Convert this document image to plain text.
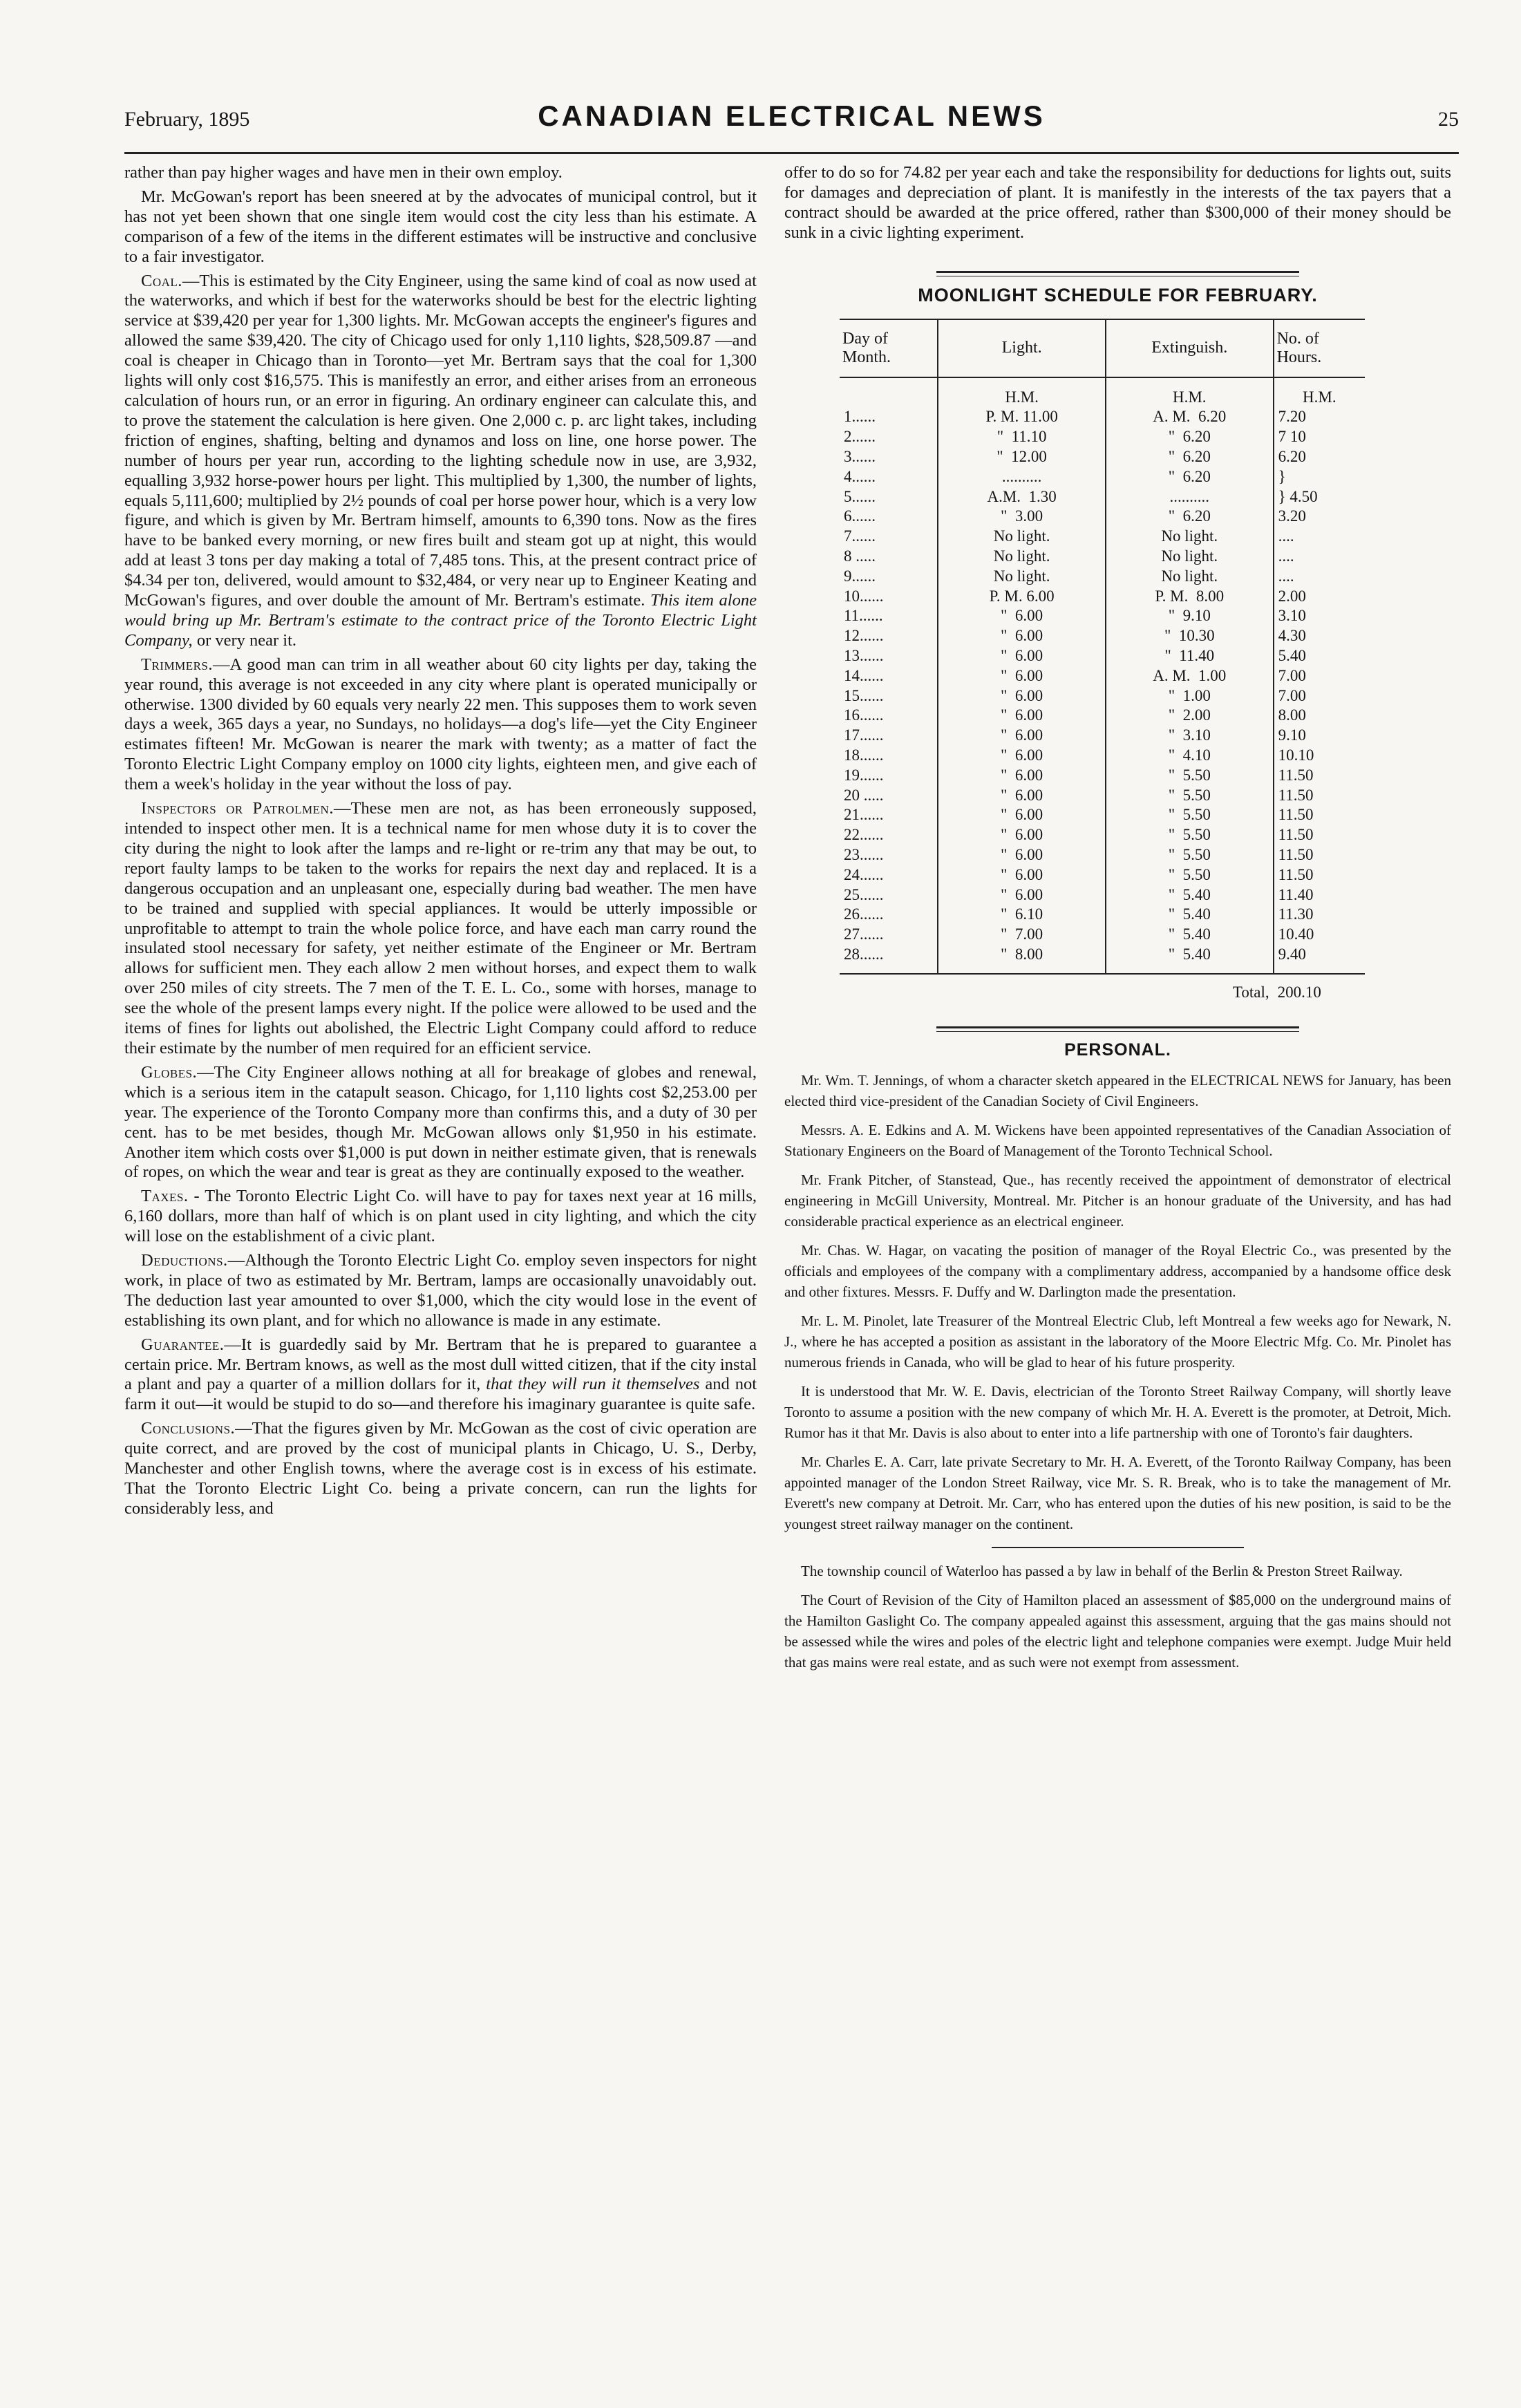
February, 1895	CANADIAN ELECTRICAL NEWS	25

rather than pay higher wages and have men in their own employ.

Mr. McGowan's report has been sneered at by the advocates of municipal control, but it has not yet been shown that one single item would cost the city less than his estimate. A comparison of a few of the items in the different estimates will be instructive and conclusive to a fair investigator.

Coal.—This is estimated by the City Engineer, using the same kind of coal as now used at the waterworks, and which if best for the waterworks should be best for the electric lighting service at $39,420 per year for 1,300 lights. Mr. McGowan accepts the engineer's figures and allowed the same $39,420. The city of Chicago used for only 1,110 lights, $28,509.87 —and coal is cheaper in Chicago than in Toronto—yet Mr. Bertram says that the coal for 1,300 lights will only cost $16,575. This is manifestly an error, and either arises from an erroneous calculation of hours run, or an error in figuring. An ordinary engineer can calculate this, and to prove the statement the calculation is here given. One 2,000 c. p. arc light takes, including friction of engines, shafting, belting and dynamos and loss on line, one horse power. The number of hours per year run, according to the lighting schedule now in use, are 3,932, equalling 3,932 horse-power hours per light. This multiplied by 1,300, the number of lights, equals 5,111,600; multiplied by 2½ pounds of coal per horse power hour, which is a very low figure, and which is given by Mr. Bertram himself, amounts to 6,390 tons. Now as the fires have to be banked every morning, or new fires built and steam got up at night, this would add at least 3 tons per day making a total of 7,485 tons. This, at the present contract price of $4.34 per ton, delivered, would amount to $32,484, or very near up to Engineer Keating and McGowan's figures, and over double the amount of Mr. Bertram's estimate. This item alone would bring up Mr. Bertram's estimate to the contract price of the Toronto Electric Light Company, or very near it.

Trimmers.—A good man can trim in all weather about 60 city lights per day, taking the year round, this average is not exceeded in any city where plant is operated municipally or otherwise. 1300 divided by 60 equals very nearly 22 men. This supposes them to work seven days a week, 365 days a year, no Sundays, no holidays—a dog's life—yet the City Engineer estimates fifteen! Mr. McGowan is nearer the mark with twenty; as a matter of fact the Toronto Electric Light Company employ on 1000 city lights, eighteen men, and give each of them a week's holiday in the year without the loss of pay.

Inspectors or Patrolmen.—These men are not, as has been erroneously supposed, intended to inspect other men. It is a technical name for men whose duty it is to cover the city during the night to look after the lamps and re-light or re-trim any that may be out, to report faulty lamps to be taken to the works for repairs the next day and replaced. It is a dangerous occupation and an unpleasant one, especially during bad weather. The men have to be trained and supplied with special appliances. It would be utterly impossible or unprofitable to attempt to train the whole police force, and have each man carry round the insulated stool necessary for safety, yet neither estimate of the Engineer or Mr. Bertram allows for sufficient men. They each allow 2 men without horses, and expect them to walk over 250 miles of city streets. The 7 men of the T. E. L. Co., some with horses, manage to see the whole of the present lamps every night. If the police were allowed to be used and the items of fines for lights out abolished, the Electric Light Company could afford to reduce their estimate by the number of men required for an efficient service.

Globes.—The City Engineer allows nothing at all for breakage of globes and renewal, which is a serious item in the catapult season. Chicago, for 1,110 lights cost $2,253.00 per year. The experience of the Toronto Company more than confirms this, and a duty of 30 per cent. has to be met besides, though Mr. McGowan allows only $1,950 in his estimate. Another item which costs over $1,000 is put down in neither estimate given, that is renewals of ropes, on which the wear and tear is great as they are continually exposed to the weather.

Taxes. - The Toronto Electric Light Co. will have to pay for taxes next year at 16 mills, 6,160 dollars, more than half of which is on plant used in city lighting, and which the city will lose on the establishment of a civic plant.

Deductions.—Although the Toronto Electric Light Co. employ seven inspectors for night work, in place of two as estimated by Mr. Bertram, lamps are occasionally unavoidably out. The deduction last year amounted to over $1,000, which the city would lose in the event of establishing its own plant, and for which no allowance is made in any estimate.

Guarantee.—It is guardedly said by Mr. Bertram that he is prepared to guarantee a certain price. Mr. Bertram knows, as well as the most dull witted citizen, that if the city instal a plant and pay a quarter of a million dollars for it, that they will run it themselves and not farm it out—it would be stupid to do so—and therefore his imaginary guarantee is quite safe.

Conclusions.—That the figures given by Mr. McGowan as the cost of civic operation are quite correct, and are proved by the cost of municipal plants in Chicago, U. S., Derby, Manchester and other English towns, where the average cost is in excess of his estimate. That the Toronto Electric Light Co. being a private concern, can run the lights for considerably less, and

offer to do so for 74.82 per year each and take the responsibility for deductions for lights out, suits for damages and depreciation of plant. It is manifestly in the interests of the tax payers that a contract should be awarded at the price offered, rather than $300,000 of their money should be sunk in a civic lighting experiment.

MOONLIGHT SCHEDULE FOR FEBRUARY.
Day of Month.	Light.	Extinguish.	No. of Hours.
	H.M.	H.M.	H.M.
1......	P. M. 11.00	A. M.  6.20	7.20
2......	"  11.10	"  6.20	7 10
3......	"  12.00	"  6.20	6.20
4......	..........	"  6.20	}
5......	A.M.  1.30	..........	} 4.50
6......	"  3.00	"  6.20	3.20
7......	No light.	No light.	....
8 .....	No light.	No light.	....
9......	No light.	No light.	....
10......	P. M. 6.00	P. M.  8.00	2.00
11......	"  6.00	"  9.10	3.10
12......	"  6.00	"  10.30	4.30
13......	"  6.00	"  11.40	5.40
14......	"  6.00	A. M.  1.00	7.00
15......	"  6.00	"  1.00	7.00
16......	"  6.00	"  2.00	8.00
17......	"  6.00	"  3.10	9.10
18......	"  6.00	"  4.10	10.10
19......	"  6.00	"  5.50	11.50
20 .....	"  6.00	"  5.50	11.50
21......	"  6.00	"  5.50	11.50
22......	"  6.00	"  5.50	11.50
23......	"  6.00	"  5.50	11.50
24......	"  6.00	"  5.50	11.50
25......	"  6.00	"  5.40	11.40
26......	"  6.10	"  5.40	11.30
27......	"  7.00	"  5.40	10.40
28......	"  8.00	"  5.40	9.40
		Total,	200.10
PERSONAL.

Mr. Wm. T. Jennings, of whom a character sketch appeared in the ELECTRICAL NEWS for January, has been elected third vice-president of the Canadian Society of Civil Engineers.

Messrs. A. E. Edkins and A. M. Wickens have been appointed representatives of the Canadian Association of Stationary Engineers on the Board of Management of the Toronto Technical School.

Mr. Frank Pitcher, of Stanstead, Que., has recently received the appointment of demonstrator of electrical engineering in McGill University, Montreal. Mr. Pitcher is an honour graduate of the University, and has had considerable practical experience as an electrical engineer.

Mr. Chas. W. Hagar, on vacating the position of manager of the Royal Electric Co., was presented by the officials and employees of the company with a complimentary address, accompanied by a handsome office desk and other fixtures. Messrs. F. Duffy and W. Darlington made the presentation.

Mr. L. M. Pinolet, late Treasurer of the Montreal Electric Club, left Montreal a few weeks ago for Newark, N. J., where he has accepted a position as assistant in the laboratory of the Moore Electric Mfg. Co. Mr. Pinolet has numerous friends in Canada, who will be glad to hear of his future prosperity.

It is understood that Mr. W. E. Davis, electrician of the Toronto Street Railway Company, will shortly leave Toronto to assume a position with the new company of which Mr. H. A. Everett is the promoter, at Detroit, Mich. Rumor has it that Mr. Davis is also about to enter into a life partnership with one of Toronto's fair daughters.

Mr. Charles E. A. Carr, late private Secretary to Mr. H. A. Everett, of the Toronto Railway Company, has been appointed manager of the London Street Railway, vice Mr. S. R. Break, who is to take the management of Mr. Everett's new company at Detroit. Mr. Carr, who has entered upon the duties of his new position, is said to be the youngest street railway manager on the continent.

The township council of Waterloo has passed a by law in behalf of the Berlin & Preston Street Railway.

The Court of Revision of the City of Hamilton placed an assessment of $85,000 on the underground mains of the Hamilton Gaslight Co. The company appealed against this assessment, arguing that the gas mains should not be assessed while the wires and poles of the electric light and telephone companies were exempt. Judge Muir held that gas mains were real estate, and as such were not exempt from assessment.
